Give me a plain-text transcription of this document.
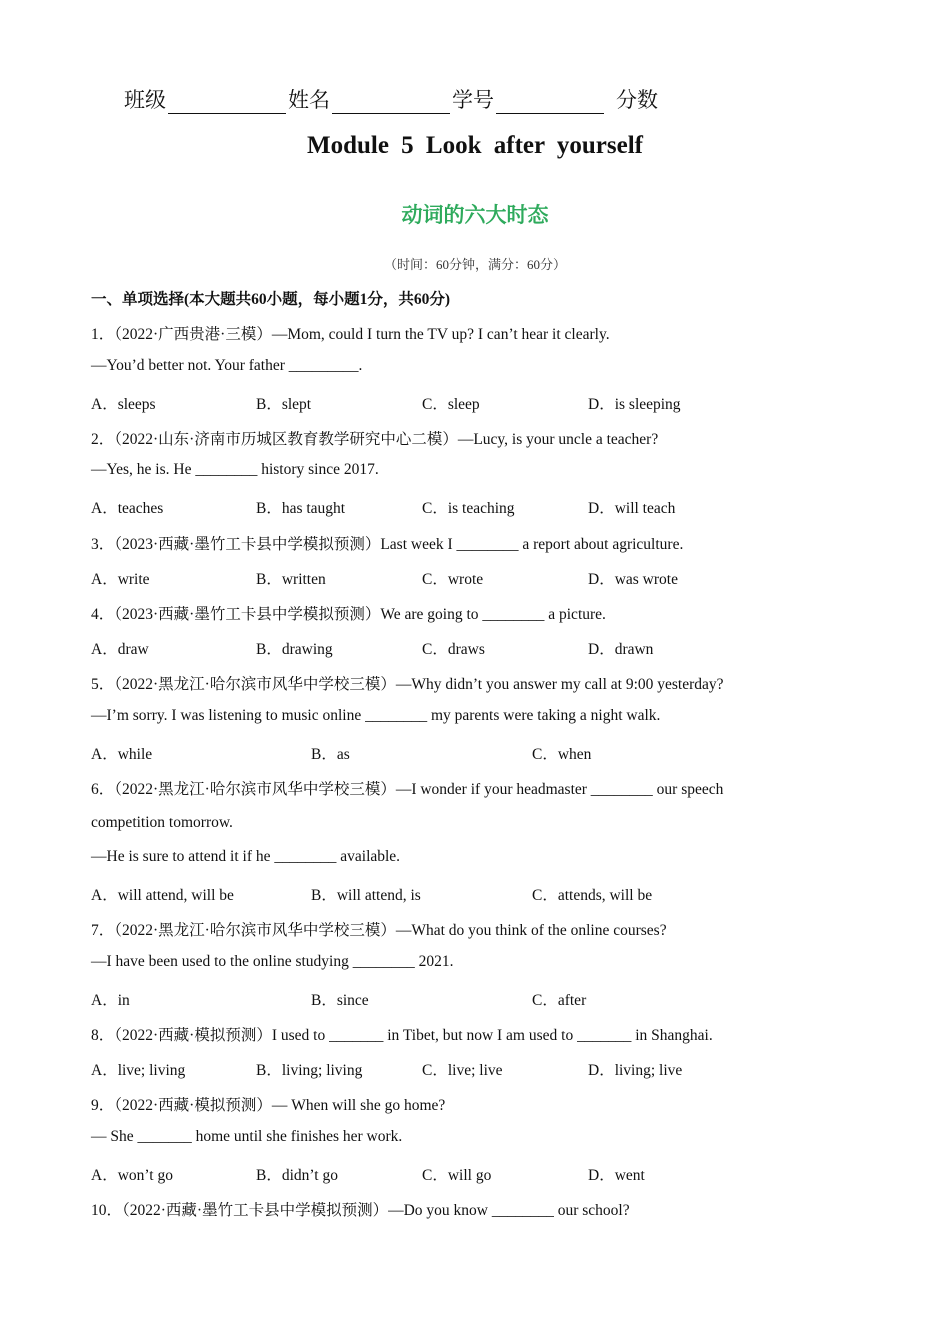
班级	姓名	学号	分数
Module 5 Look after yourself
动词的六大时态
（时间：60分钟，满分：60分）
一、单项选择(本大题共60小题，每小题1分，共60分)
1．（2022·广西贵港·三模）—Mom, could I turn the TV up? I can’t hear it clearly.
—You’d better not. Your father _________.
A．sleeps	B．slept	C．sleep	D．is sleeping
2．（2022·山东·济南市历城区教育教学研究中心二模）—Lucy, is your uncle a teacher?
—Yes, he is. He ________ history since 2017.
A．teaches	B．has taught	C．is teaching	D．will teach
3．（2023·西藏·墨竹工卡县中学模拟预测）Last week I ________ a report about agriculture.
A．write	B．written	C．wrote	D．was wrote
4．（2023·西藏·墨竹工卡县中学模拟预测）We are going to ________ a picture.
A．draw	B．drawing	C．draws	D．drawn
5．（2022·黑龙江·哈尔滨市风华中学校三模）—Why didn’t you answer my call at 9:00 yesterday?
—I’m sorry. I was listening to music online ________ my parents were taking a night walk.
A．while	B．as	C．when
6．（2022·黑龙江·哈尔滨市风华中学校三模）—I wonder if your headmaster ________ our speech
competition tomorrow.
—He is sure to attend it if he ________ available.
A．will attend, will be	B．will attend, is	C．attends, will be
7．（2022·黑龙江·哈尔滨市风华中学校三模）—What do you think of the online courses?
—I have been used to the online studying ________ 2021.
A．in	B．since	C．after
8．（2022·西藏·模拟预测）I used to _______ in Tibet, but now I am used to _______ in Shanghai.
A．live; living	B．living; living	C．live; live	D．living; live
9．（2022·西藏·模拟预测）— When will she go home?
— She _______ home until she finishes her work.
A．won’t go	B．didn’t go	C．will go	D．went
10．（2022·西藏·墨竹工卡县中学模拟预测）—Do you know ________ our school?
